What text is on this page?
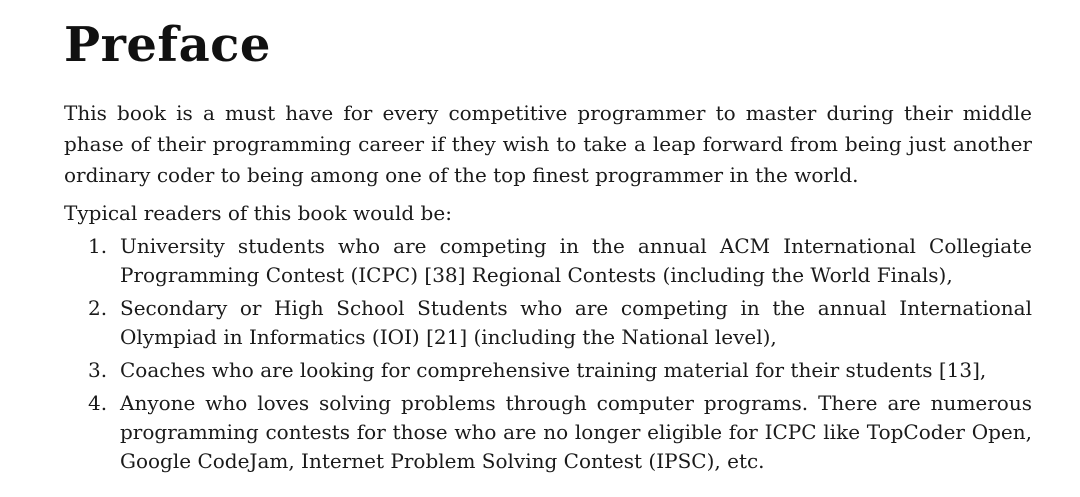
Preface

This book is a must have for every competitive programmer to master during their middle phase of their programming career if they wish to take a leap forward from being just another ordinary coder to being among one of the top finest programmer in the world.

Typical readers of this book would be:

1. University students who are competing in the annual ACM International Collegiate Programming Contest (ICPC) [38] Regional Contests (including the World Finals),
2. Secondary or High School Students who are competing in the annual International Olympiad in Informatics (IOI) [21] (including the National level),
3. Coaches who are looking for comprehensive training material for their students [13],
4. Anyone who loves solving problems through computer programs. There are numerous programming contests for those who are no longer eligible for ICPC like TopCoder Open, Google CodeJam, Internet Problem Solving Contest (IPSC), etc.
